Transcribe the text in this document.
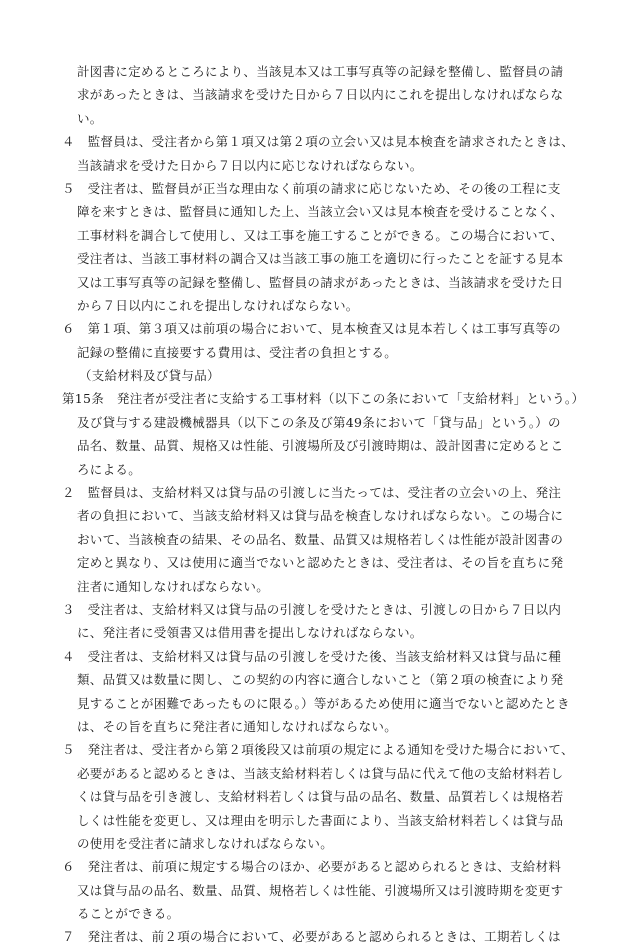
計図書に定めるところにより、当該見本又は工事写真等の記録を整備し、監督員の請
求があったときは、当該請求を受けた日から７日以内にこれを提出しなければならな
い。
４　監督員は、受注者から第１項又は第２項の立会い又は見本検査を請求されたときは、
当該請求を受けた日から７日以内に応じなければならない。
５　受注者は、監督員が正当な理由なく前項の請求に応じないため、その後の工程に支
障を来すときは、監督員に通知した上、当該立会い又は見本検査を受けることなく、
工事材料を調合して使用し、又は工事を施工することができる。この場合において、
受注者は、当該工事材料の調合又は当該工事の施工を適切に行ったことを証する見本
又は工事写真等の記録を整備し、監督員の請求があったときは、当該請求を受けた日
から７日以内にこれを提出しなければならない。
６　第１項、第３項又は前項の場合において、見本検査又は見本若しくは工事写真等の
記録の整備に直接要する費用は、受注者の負担とする。
（支給材料及び貸与品）
第15条　発注者が受注者に支給する工事材料（以下この条において「支給材料」という。）
及び貸与する建設機械器具（以下この条及び第49条において「貸与品」という。）の
品名、数量、品質、規格又は性能、引渡場所及び引渡時期は、設計図書に定めるとこ
ろによる。
２　監督員は、支給材料又は貸与品の引渡しに当たっては、受注者の立会いの上、発注
者の負担において、当該支給材料又は貸与品を検査しなければならない。この場合に
おいて、当該検査の結果、その品名、数量、品質又は規格若しくは性能が設計図書の
定めと異なり、又は使用に適当でないと認めたときは、受注者は、その旨を直ちに発
注者に通知しなければならない。
３　受注者は、支給材料又は貸与品の引渡しを受けたときは、引渡しの日から７日以内
に、発注者に受領書又は借用書を提出しなければならない。
４　受注者は、支給材料又は貸与品の引渡しを受けた後、当該支給材料又は貸与品に種
類、品質又は数量に関し、この契約の内容に適合しないこと（第２項の検査により発
見することが困難であったものに限る。）等があるため使用に適当でないと認めたとき
は、その旨を直ちに発注者に通知しなければならない。
５　発注者は、受注者から第２項後段又は前項の規定による通知を受けた場合において、
必要があると認めるときは、当該支給材料若しくは貸与品に代えて他の支給材料若し
くは貸与品を引き渡し、支給材料若しくは貸与品の品名、数量、品質若しくは規格若
しくは性能を変更し、又は理由を明示した書面により、当該支給材料若しくは貸与品
の使用を受注者に請求しなければならない。
６　発注者は、前項に規定する場合のほか、必要があると認められるときは、支給材料
又は貸与品の品名、数量、品質、規格若しくは性能、引渡場所又は引渡時期を変更す
ることができる。
７　発注者は、前２項の場合において、必要があると認められるときは、工期若しくは
